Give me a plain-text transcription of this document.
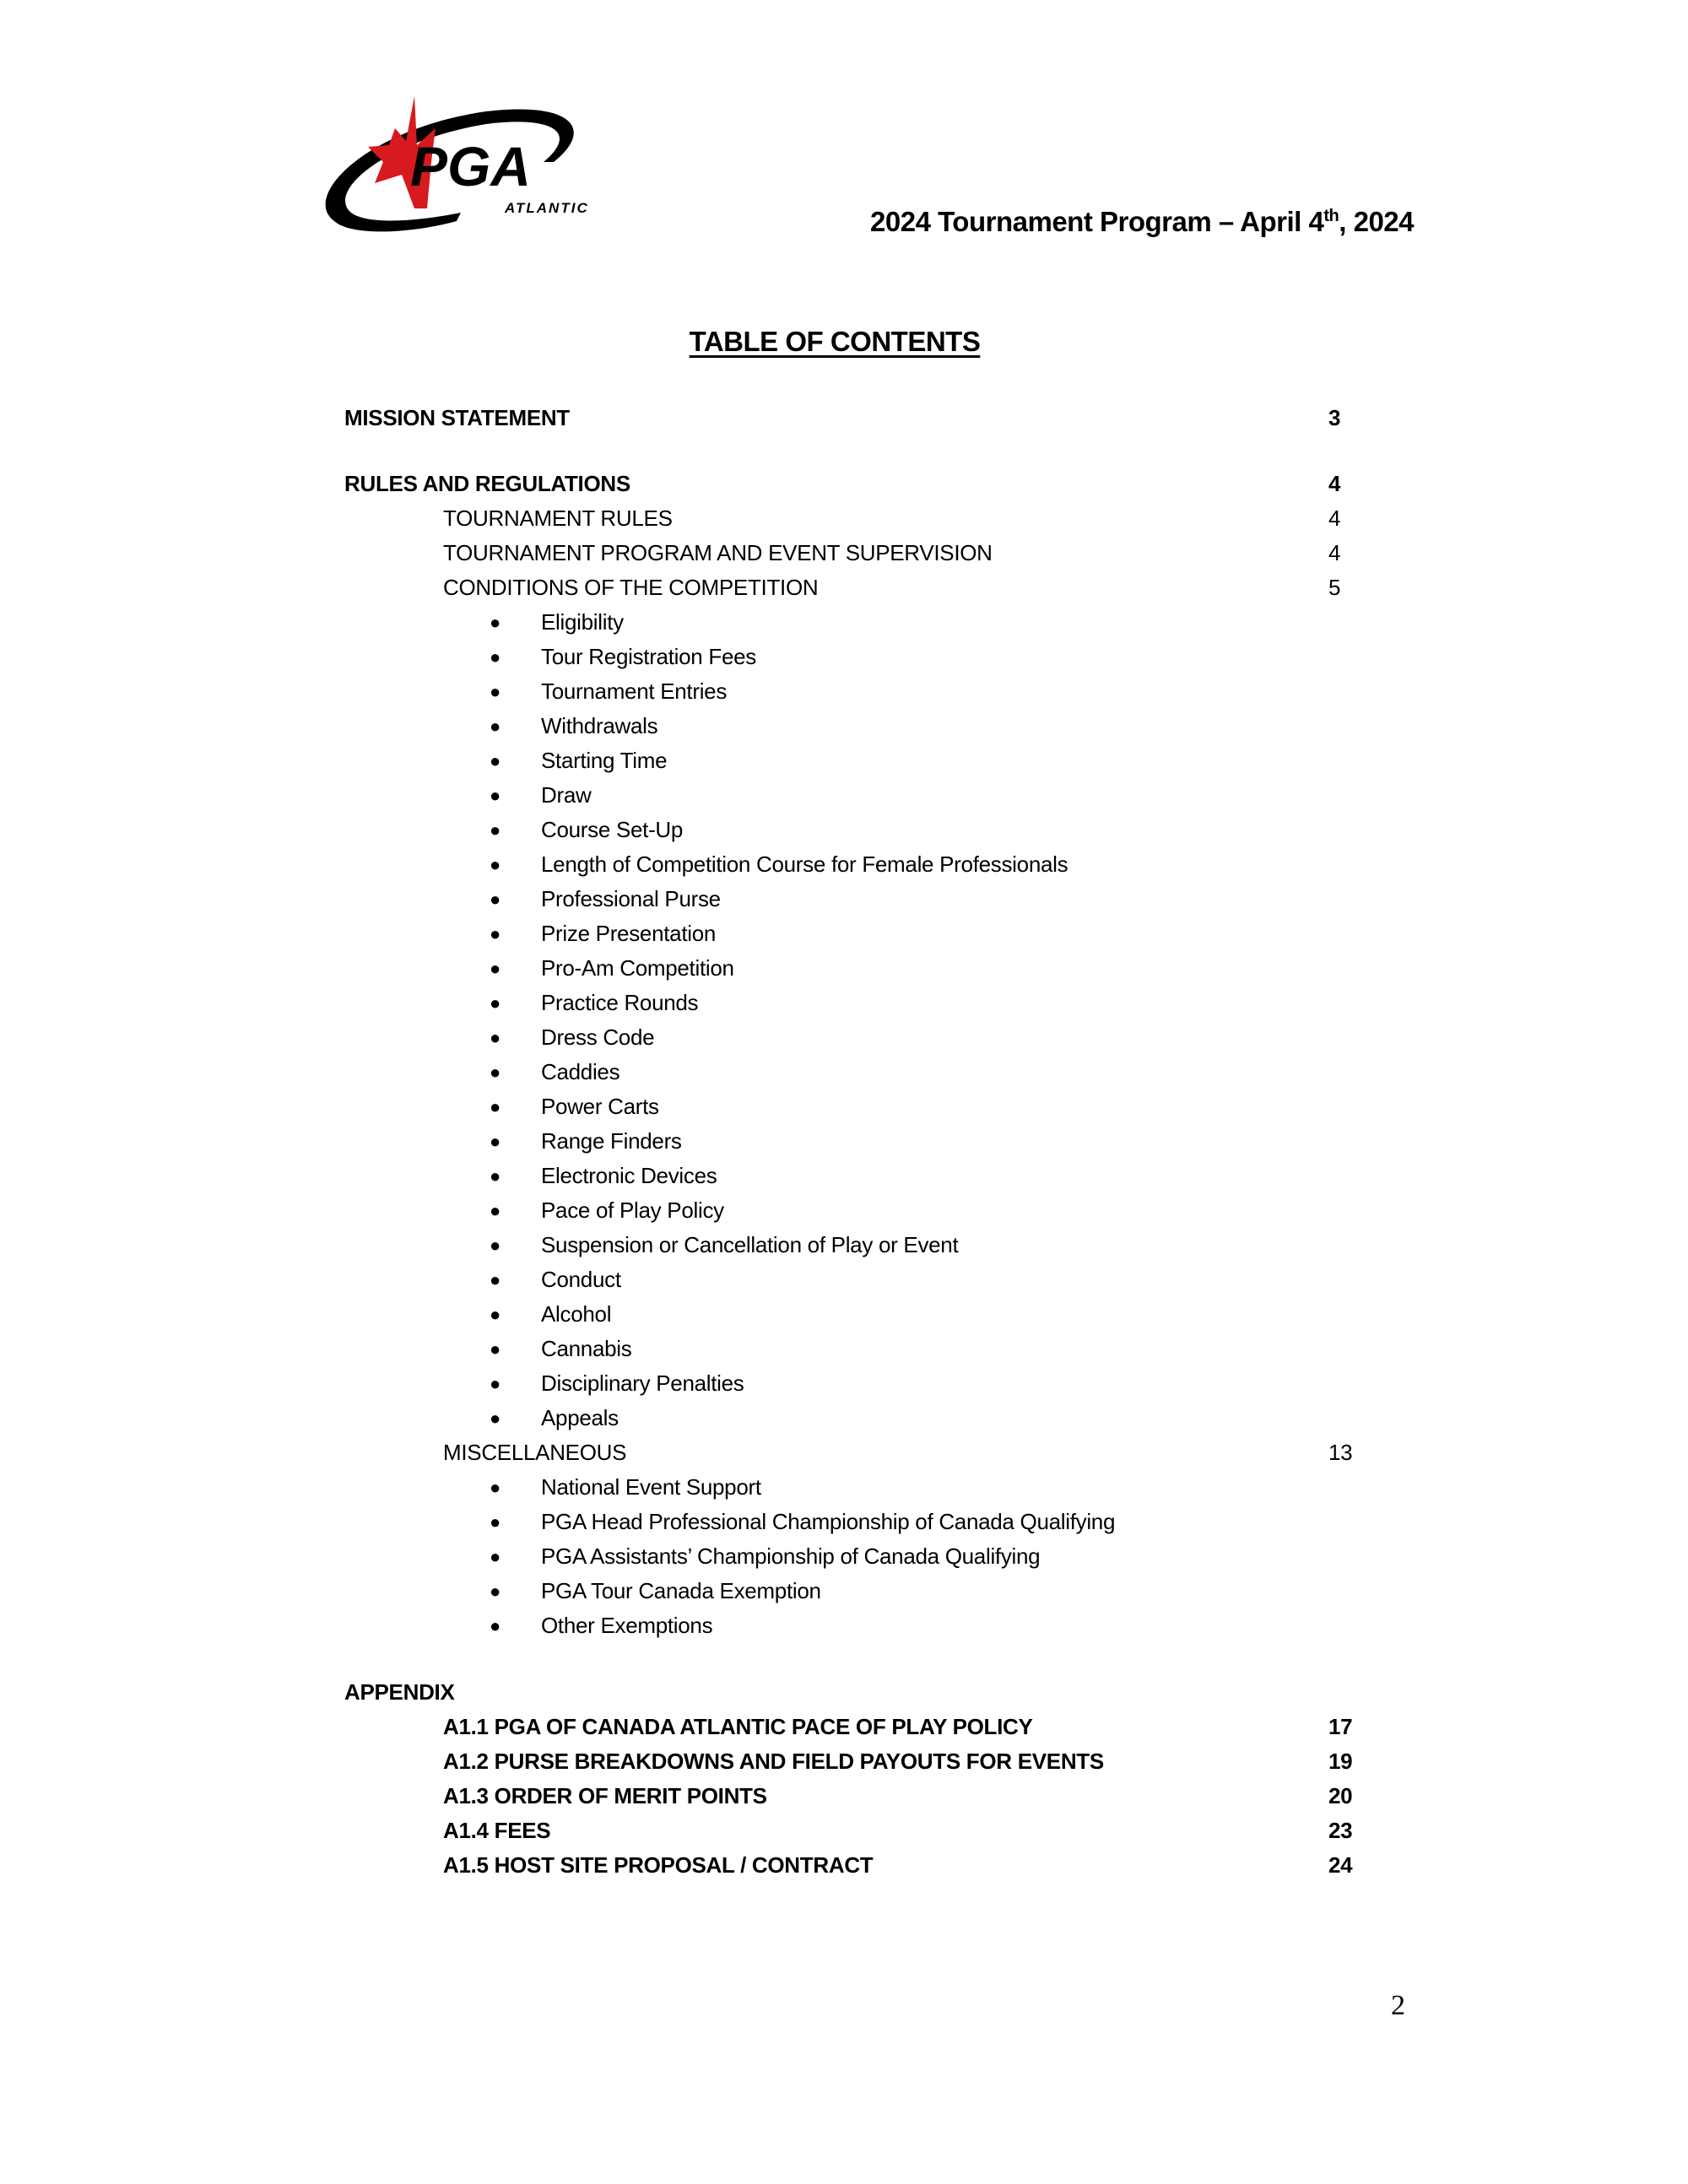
PGA
ATLANTIC	2024 Tournament Program – April 4th, 2024
TABLE OF CONTENTS
MISSION STATEMENT	3
RULES AND REGULATIONS	4
TOURNAMENT RULES	4
TOURNAMENT PROGRAM AND EVENT SUPERVISION	4
CONDITIONS OF THE COMPETITION	5
● Eligibility
● Tour Registration Fees
● Tournament Entries
● Withdrawals
● Starting Time
● Draw
● Course Set-Up
● Length of Competition Course for Female Professionals
● Professional Purse
● Prize Presentation
● Pro-Am Competition
● Practice Rounds
● Dress Code
● Caddies
● Power Carts
● Range Finders
● Electronic Devices
● Pace of Play Policy
● Suspension or Cancellation of Play or Event
● Conduct
● Alcohol
● Cannabis
● Disciplinary Penalties
● Appeals
MISCELLANEOUS	13
● National Event Support
● PGA Head Professional Championship of Canada Qualifying
● PGA Assistants’ Championship of Canada Qualifying
● PGA Tour Canada Exemption
● Other Exemptions
APPENDIX
A1.1 PGA OF CANADA ATLANTIC PACE OF PLAY POLICY	17
A1.2 PURSE BREAKDOWNS AND FIELD PAYOUTS FOR EVENTS	19
A1.3 ORDER OF MERIT POINTS	20
A1.4 FEES	23
A1.5 HOST SITE PROPOSAL / CONTRACT	24
2
